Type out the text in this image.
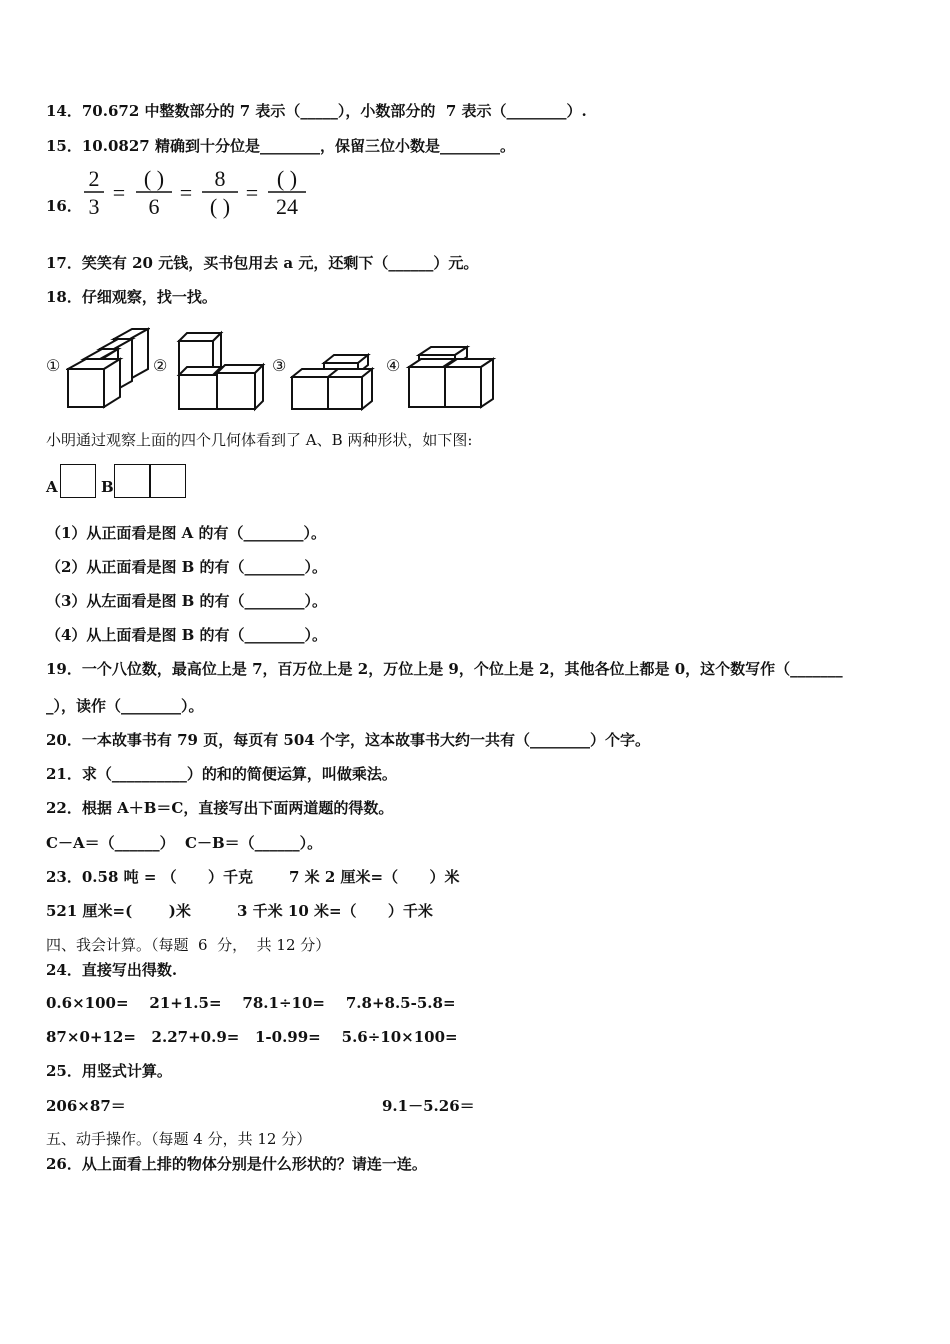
14．70.672 中整数部分的 7 表示（_____），小数部分的  7 表示（________）.
15．10.0827 精确到十分位是________，保留三位小数是________。
16．
2
3
=
( )
6
=
8
( )
=
( )
24
17．笑笑有 20 元钱，买书包用去 a 元，还剩下（______）元。
18．仔细观察，找一找。
①	②	③	④
小明通过观察上面的四个几何体看到了 A、B 两种形状，如下图:
A	B
（1）从正面看是图 A 的有（________）。
（2）从正面看是图 B 的有（________）。
（3）从左面看是图 B 的有（________）。
（4）从上面看是图 B 的有（________）。
19．一个八位数，最高位上是 7，百万位上是 2，万位上是 9，个位上是 2，其他各位上都是 0，这个数写作（_______
_），读作（________）。
20．一本故事书有 79 页，每页有 504 个字，这本故事书大约一共有（________）个字。
21．求（__________）的和的简便运算，叫做乘法。
22．根据 A＋B＝C，直接写出下面两道题的得数。
C－A＝（______）  C－B＝（______）。
23．0.58 吨 = （      ）千克 7 米 2 厘米=（      ）米
521 厘米=(       )米	3 千米 10 米=（      ）千米
四、我会计算。（每题  6  分，  共 12 分）
24．直接写出得数.
0.6×100=    21+1.5=    78.1÷10=    7.8+8.5-5.8=
87×0+12=   2.27+0.9=   1-0.99=    5.6÷10×100=
25．用竖式计算。
206×87＝	9.1－5.26＝
五、动手操作。（每题 4 分，共 12 分）
26．从上面看上排的物体分别是什么形状的？请连一连。
